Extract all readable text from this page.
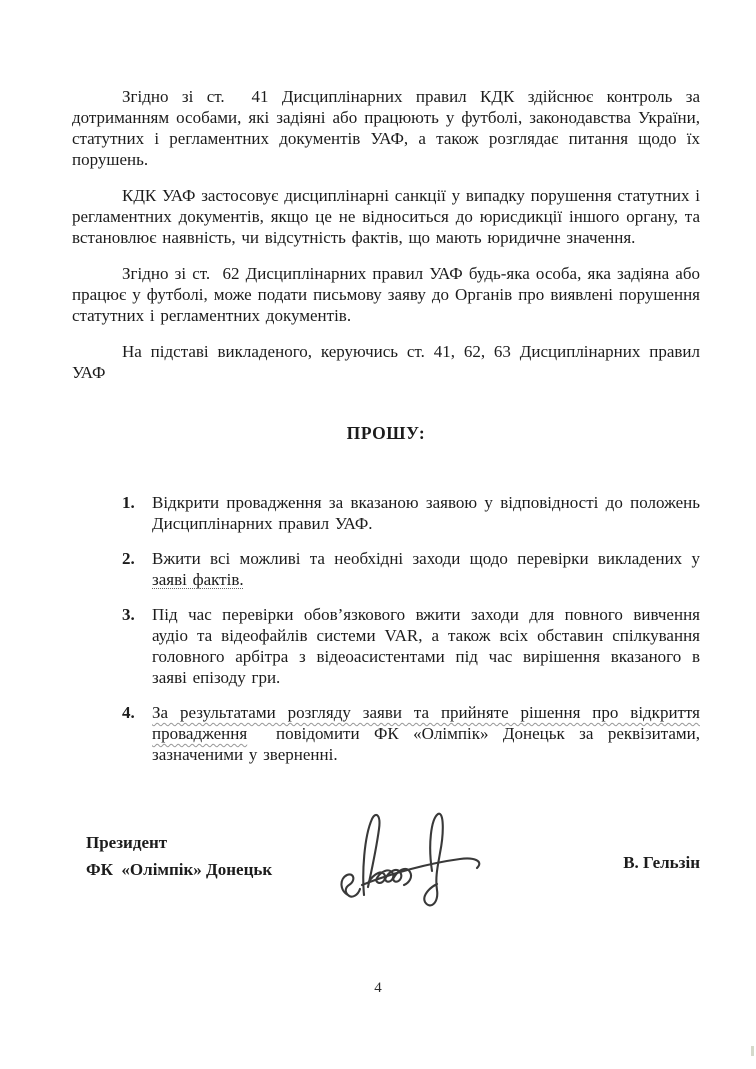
Згідно зі ст.  41 Дисциплінарних правил КДК здійснює контроль за дотриманням особами, які задіяні або працюють у футболі, законодавства України, статутних і регламентних документів УАФ, а також розглядає питання щодо їх порушень.

КДК УАФ застосовує дисциплінарні санкції у випадку порушення статутних і регламентних документів, якщо це не відноситься до юрисдикції іншого органу, та встановлює наявність, чи відсутність фактів, що мають юридичне значення.

Згідно зі ст.  62 Дисциплінарних правил УАФ будь-яка особа, яка задіяна або працює у футболі, може подати письмову заяву до Органів про виявлені порушення статутних і регламентних документів.

На підставі викладеного, керуючись ст. 41, 62, 63 Дисциплінарних правил УАФ

ПРОШУ:
1.	Відкрити провадження за вказаною заявою у відповідності до положень Дисциплінарних правил УАФ.
2.	Вжити всі можливі та необхідні заходи щодо перевірки викладених у заяві фактів.
3.	Під час перевірки обов’язкового вжити заходи для повного вивчення аудіо та відеофайлів системи VAR, а також всіх обставин спілкування головного арбітра з відеоасистентами під час вирішення вказаного в заяві епізоду гри.
4.	За результатами розгляду заяви та прийняте рішення про відкриття провадження  повідомити ФК «Олімпік» Донецьк за реквізитами, зазначеними у зверненні.
Президент
ФК  «Олімпік» Донецьк	В. Гельзін
4
